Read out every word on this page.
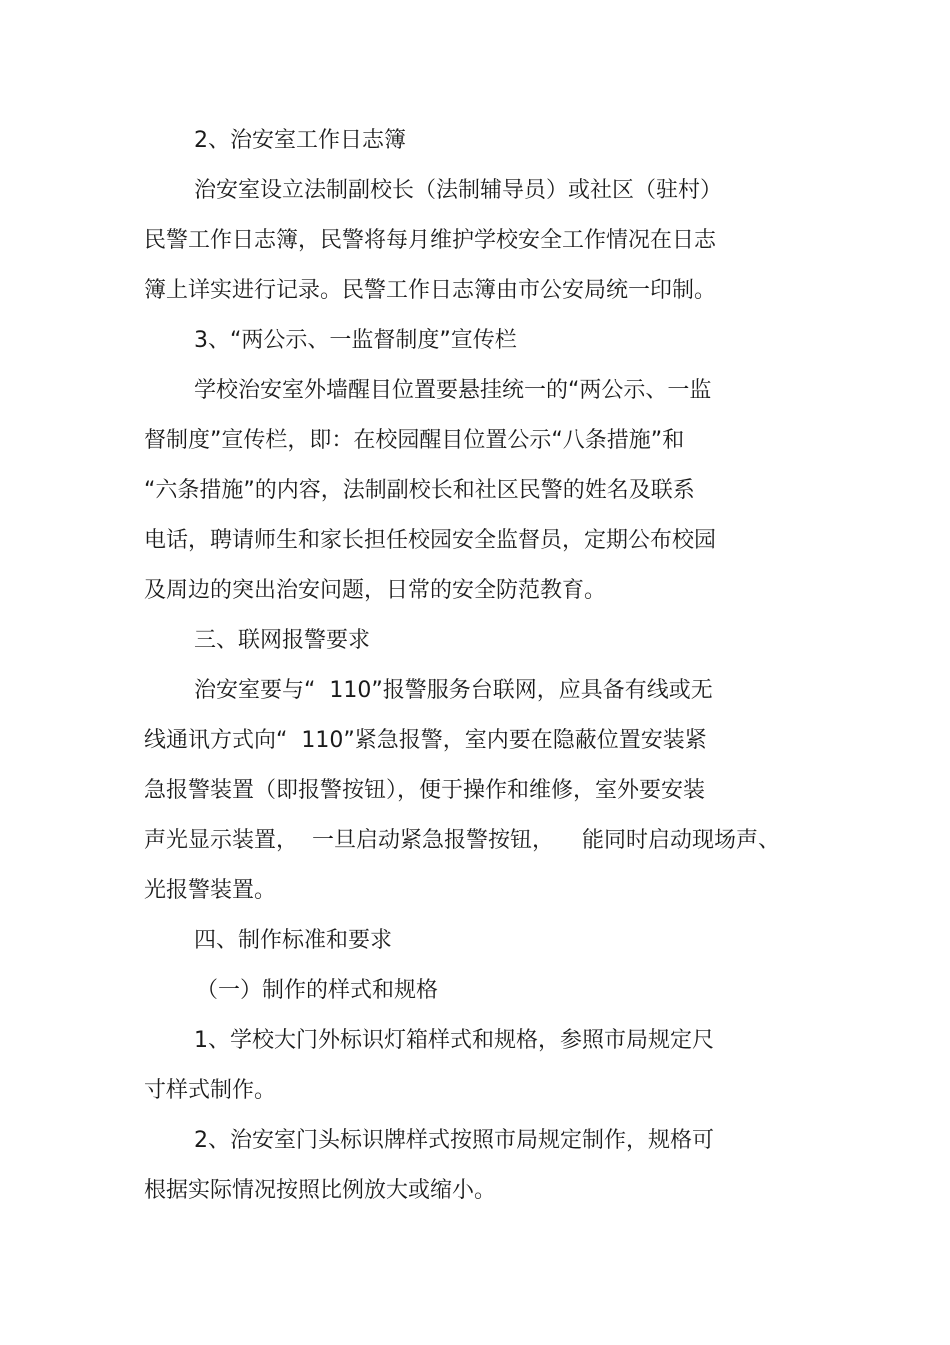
2、治安室工作日志簿

治安室设立法制副校长（法制辅导员）或社区（驻村）

民警工作日志簿，民警将每月维护学校安全工作情况在日志

簿上详实进行记录。民警工作日志簿由市公安局统一印制。

3、“两公示、一监督制度”宣传栏

学校治安室外墙醒目位置要悬挂统一的“两公示、一监

督制度”宣传栏，即：在校园醒目位置公示“八条措施”和

“六条措施”的内容，法制副校长和社区民警的姓名及联系

电话，聘请师生和家长担任校园安全监督员，定期公布校园

及周边的突出治安问题，日常的安全防范教育。

三、联网报警要求

治安室要与“  110”报警服务台联网，应具备有线或无

线通讯方式向“  110”紧急报警，室内要在隐蔽位置安装紧

急报警装置（即报警按钮），便于操作和维修，室外要安装

声光显示装置，  一旦启动紧急报警按钮，    能同时启动现场声、

光报警装置。

四、制作标准和要求

（一）制作的样式和规格

1、学校大门外标识灯箱样式和规格，参照市局规定尺

寸样式制作。

2、治安室门头标识牌样式按照市局规定制作，规格可

根据实际情况按照比例放大或缩小。
